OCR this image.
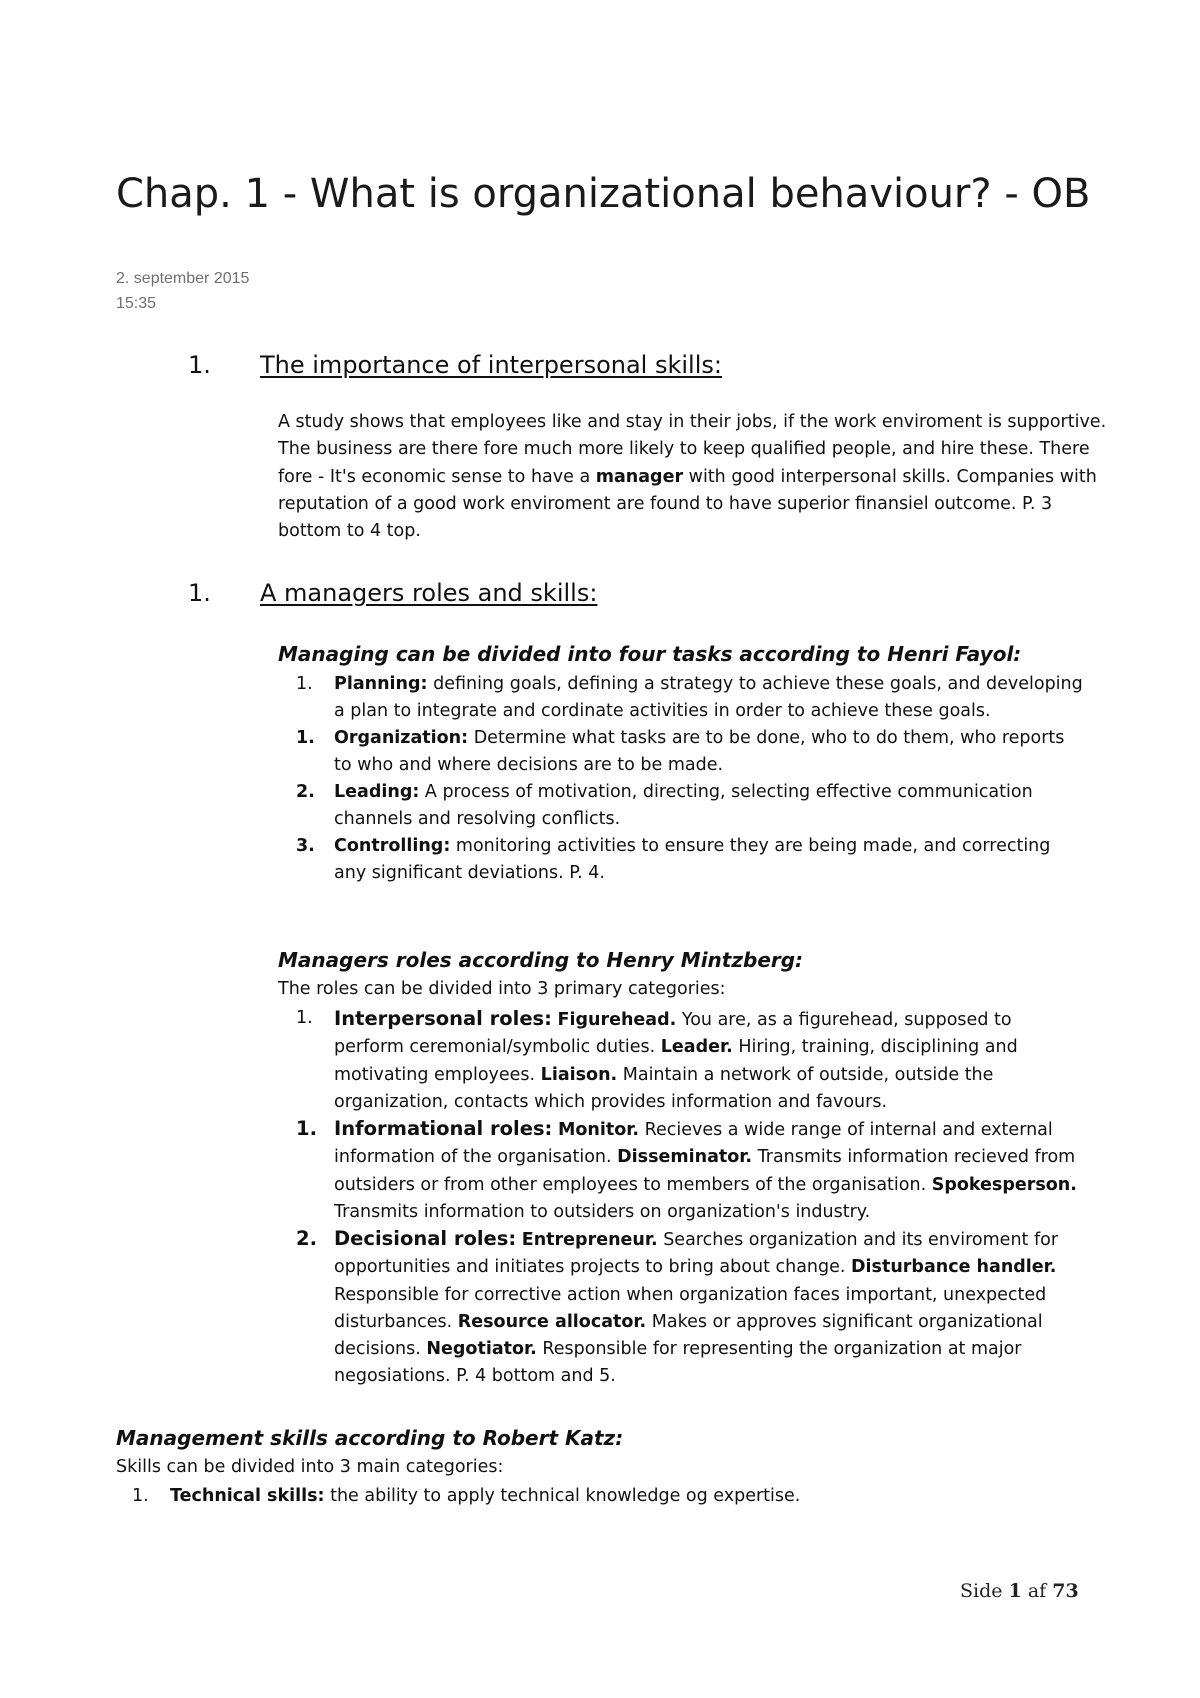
Chap. 1 - What is organizational behaviour? - OB
2. september 2015
15:35
1. The importance of interpersonal skills:

A study shows that employees like and stay in their jobs, if the work enviroment is supportive. The business are there fore much more likely to keep qualified people, and hire these. There fore - It's economic sense to have a manager with good interpersonal skills. Companies with reputation of a good work enviroment are found to have superior finansiel outcome. P. 3 bottom to 4 top.

1. A managers roles and skills:
Managing can be divided into four tasks according to Henri Fayol:
1. Planning: defining goals, defining a strategy to achieve these goals, and developing a plan to integrate and cordinate activities in order to achieve these goals.
1. Organization: Determine what tasks are to be done, who to do them, who reports to who and where decisions are to be made.
2. Leading: A process of motivation, directing, selecting effective communication channels and resolving conflicts.
3. Controlling: monitoring activities to ensure they are being made, and correcting any significant deviations. P. 4.
Managers roles according to Henry Mintzberg:
The roles can be divided into 3 primary categories:
1. Interpersonal roles: Figurehead. You are, as a figurehead, supposed to perform ceremonial/symbolic duties. Leader. Hiring, training, disciplining and motivating employees. Liaison. Maintain a network of outside, outside the organization, contacts which provides information and favours.
1. Informational roles: Monitor. Recieves a wide range of internal and external information of the organisation. Disseminator. Transmits information recieved from outsiders or from other employees to members of the organisation. Spokesperson. Transmits information to outsiders on organization's industry.
2. Decisional roles: Entrepreneur. Searches organization and its enviroment for opportunities and initiates projects to bring about change. Disturbance handler. Responsible for corrective action when organization faces important, unexpected disturbances. Resource allocator. Makes or approves significant organizational decisions. Negotiator. Responsible for representing the organization at major negosiations. P. 4 bottom and 5.
Management skills according to Robert Katz:
Skills can be divided into 3 main categories:
1. Technical skills: the ability to apply technical knowledge og expertise.
Side 1 af 73
